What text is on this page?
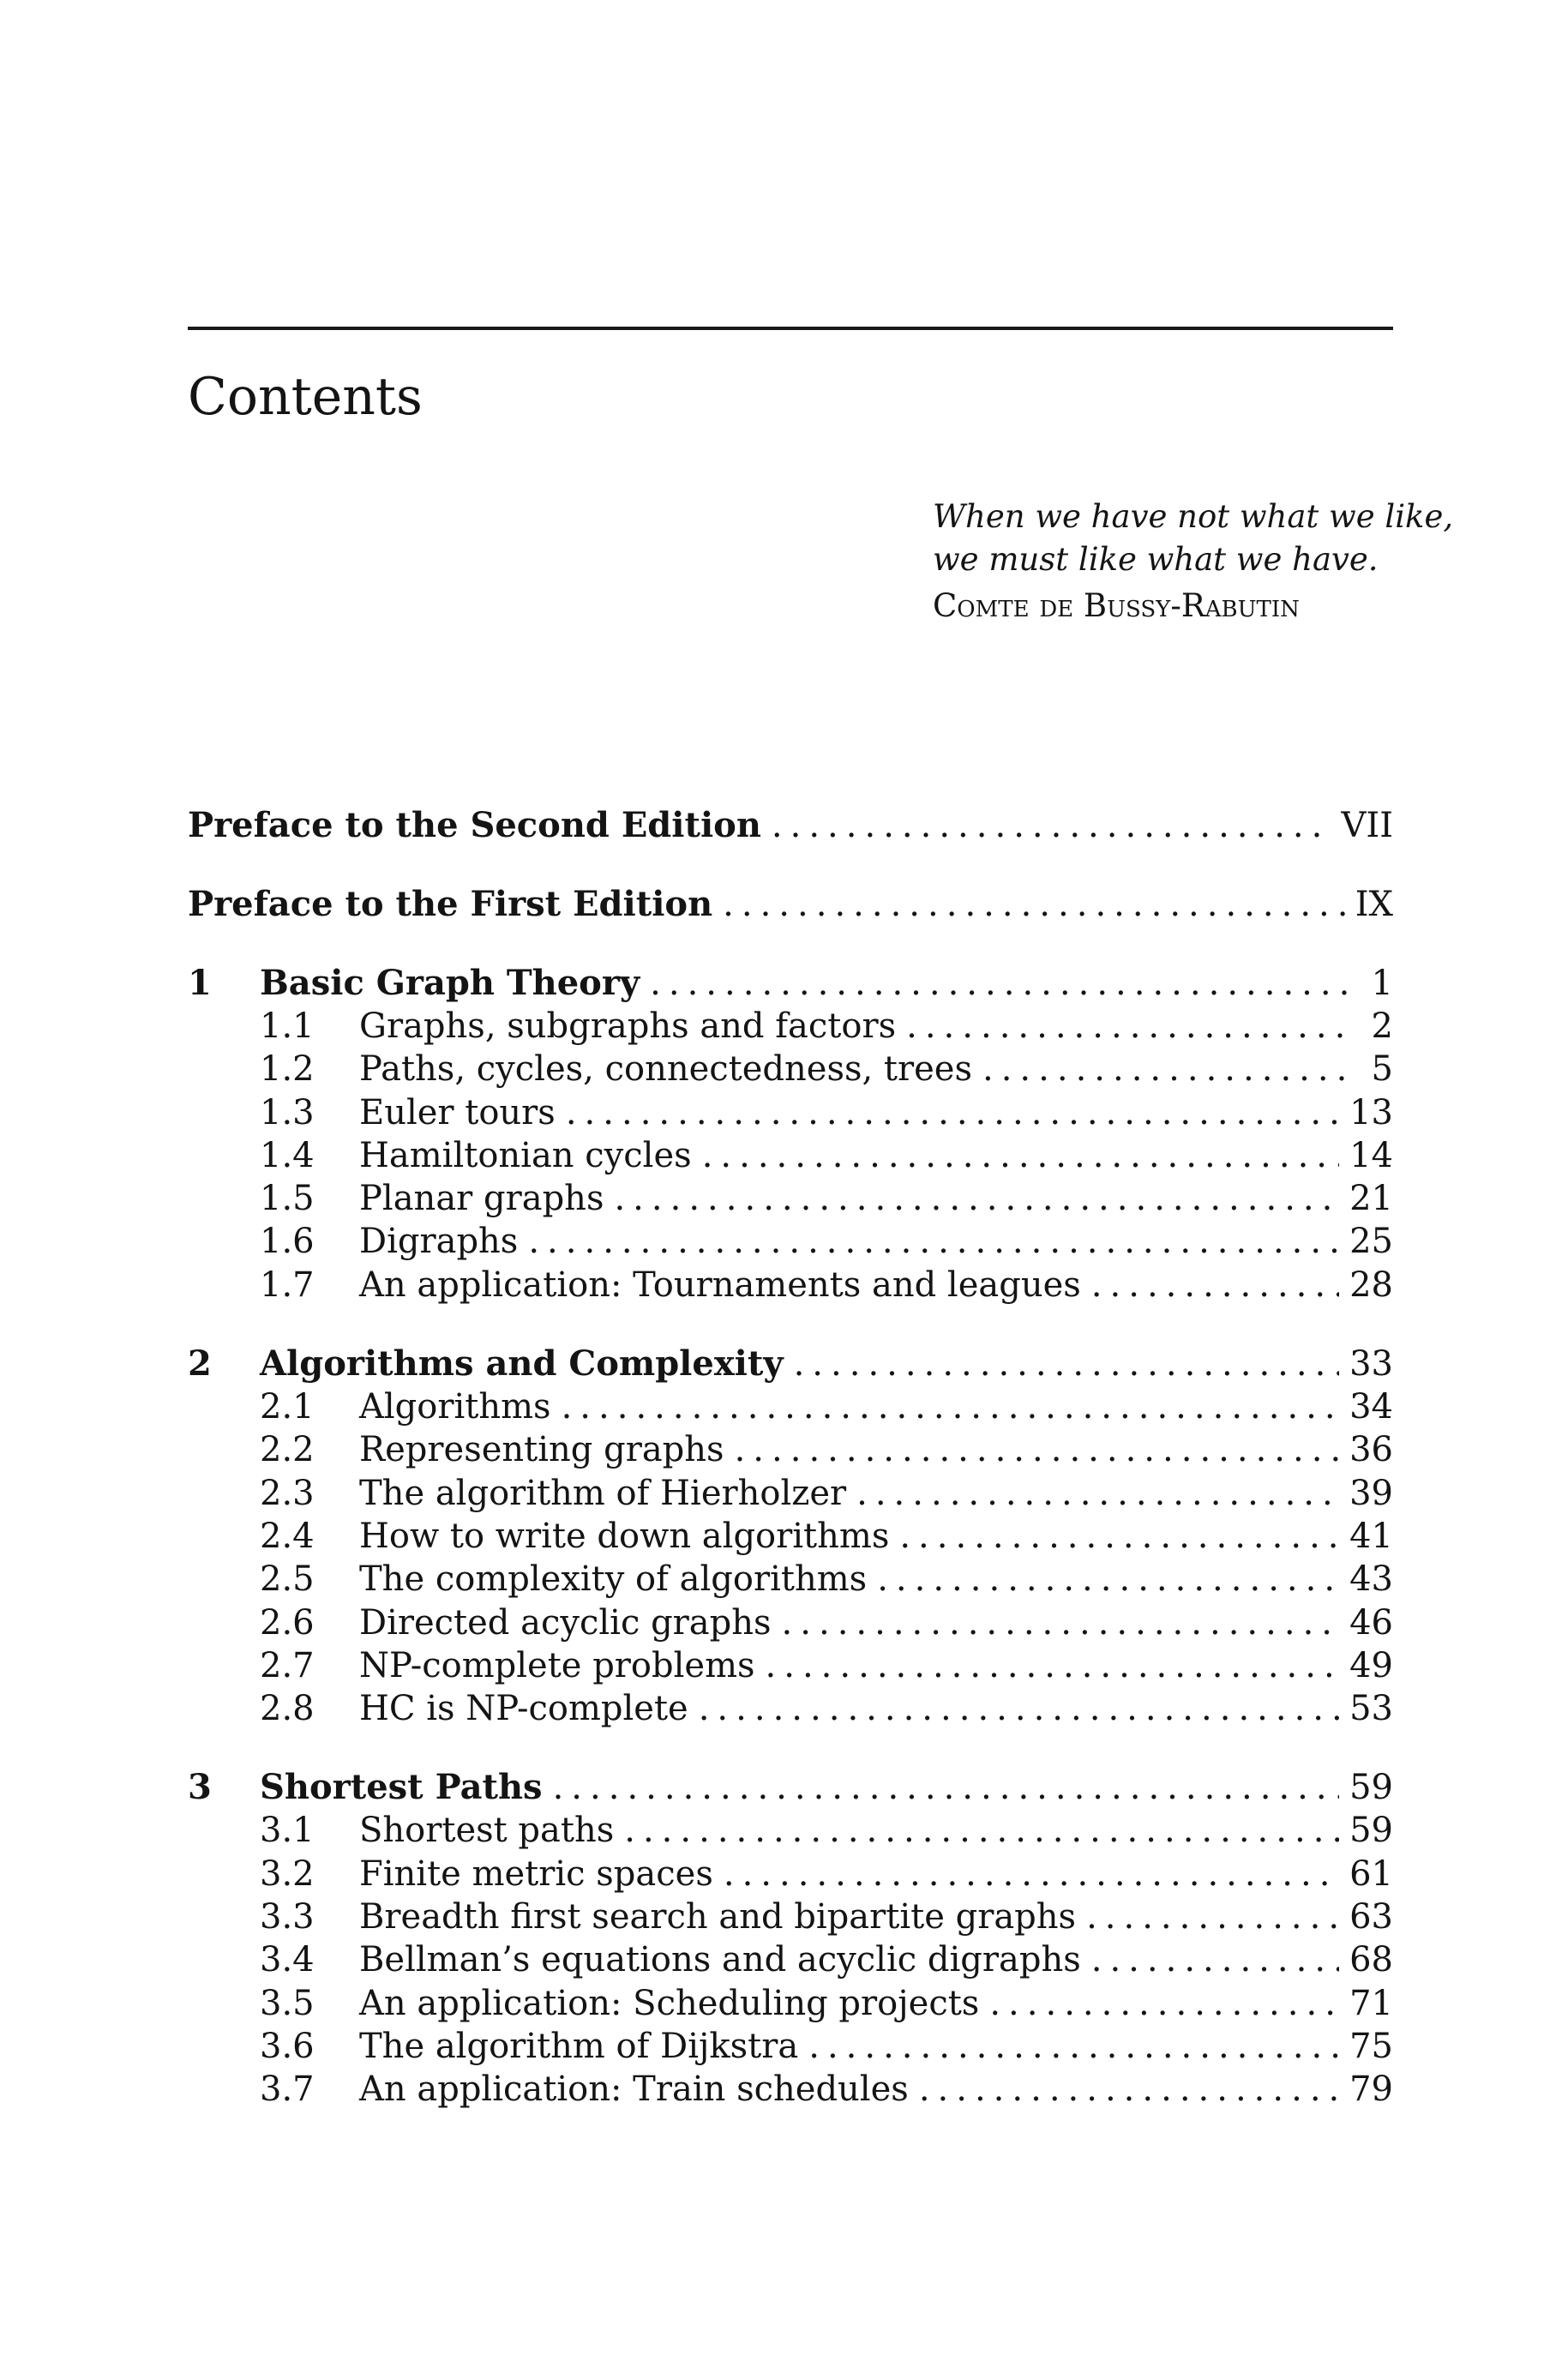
Contents
When we have not what we like,
we must like what we have.
Comte de Bussy-Rabutin
Preface to the Second Edition .....	VII
Preface to the First Edition .....	IX
1	Basic Graph Theory .....	1
1.1	Graphs, subgraphs and factors .....	2
1.2	Paths, cycles, connectedness, trees .....	5
1.3	Euler tours .....	13
1.4	Hamiltonian cycles .....	14
1.5	Planar graphs .....	21
1.6	Digraphs .....	25
1.7	An application: Tournaments and leagues .....	28
2	Algorithms and Complexity .....	33
2.1	Algorithms .....	34
2.2	Representing graphs .....	36
2.3	The algorithm of Hierholzer .....	39
2.4	How to write down algorithms .....	41
2.5	The complexity of algorithms .....	43
2.6	Directed acyclic graphs .....	46
2.7	NP-complete problems .....	49
2.8	HC is NP-complete .....	53
3	Shortest Paths .....	59
3.1	Shortest paths .....	59
3.2	Finite metric spaces .....	61
3.3	Breadth first search and bipartite graphs .....	63
3.4	Bellman’s equations and acyclic digraphs .....	68
3.5	An application: Scheduling projects .....	71
3.6	The algorithm of Dijkstra .....	75
3.7	An application: Train schedules .....	79
